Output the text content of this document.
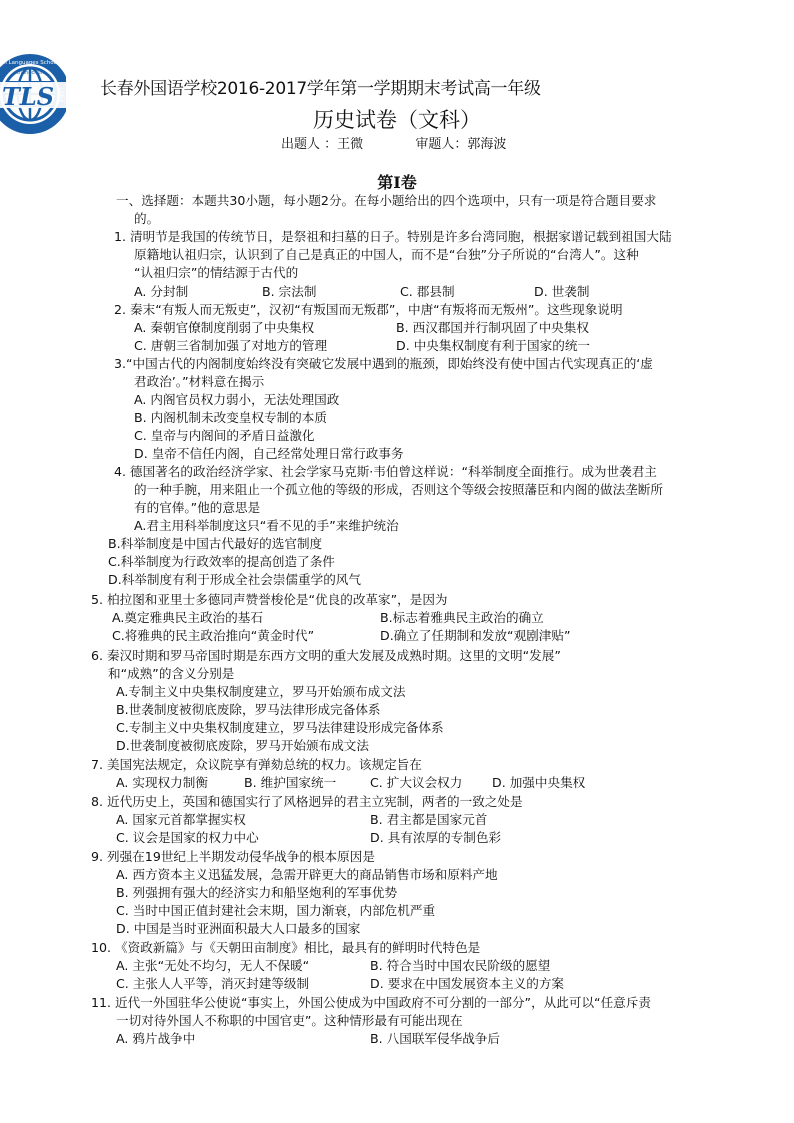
TLS
m Languages School
changchun
1963 长春外国语学校2016-2017学年第一学期期末考试高一年级
历史试卷（文科）
出题人 ：王微	审题人：郭海波
第Ⅰ卷
一、选择题：本题共30小题，每小题2分。在每小题给出的四个选项中，只有一项是符合题目要求
的。
1. 清明节是我国的传统节日，是祭祖和扫墓的日子。特别是许多台湾同胞，根据家谱记载到祖国大陆
原籍地认祖归宗，认识到了自己是真正的中国人，而不是“台独”分子所说的“台湾人”。这种
“认祖归宗”的情结源于古代的
A. 分封制	B. 宗法制	C. 郡县制	D. 世袭制
2. 秦末“有叛人而无叛吏”，汉初“有叛国而无叛郡”，中唐“有叛将而无叛州”。这些现象说明
A. 秦朝官僚制度削弱了中央集权	B. 西汉郡国并行制巩固了中央集权
C. 唐朝三省制加强了对地方的管理	D. 中央集权制度有利于国家的统一
3.“中国古代的内阁制度始终没有突破它发展中遇到的瓶颈，即始终没有使中国古代实现真正的‘虚
君政治’。”材料意在揭示
A. 内阁官员权力弱小，无法处理国政
B. 内阁机制未改变皇权专制的本质
C. 皇帝与内阁间的矛盾日益激化
D. 皇帝不信任内阁，自己经常处理日常行政事务
4. 德国著名的政治经济学家、社会学家马克斯·韦伯曾这样说：“科举制度全面推行。成为世袭君主
的一种手腕，用来阻止一个孤立他的等级的形成，否则这个等级会按照藩臣和内阁的做法垄断所
有的官俸。”他的意思是
A.君主用科举制度这只“看不见的手”来维护统治
B.科举制度是中国古代最好的选官制度
C.科举制度为行政效率的提高创造了条件
D.科举制度有利于形成全社会崇儒重学的风气
5. 柏拉图和亚里士多德同声赞誉梭伦是“优良的改革家”，是因为
A.奠定雅典民主政治的基石	B.标志着雅典民主政治的确立
C.将雅典的民主政治推向“黄金时代”	D.确立了任期制和发放“观剧津贴”
6. 秦汉时期和罗马帝国时期是东西方文明的重大发展及成熟时期。这里的文明“发展”
和“成熟”的含义分别是
A.专制主义中央集权制度建立，罗马开始颁布成文法
B.世袭制度被彻底废除，罗马法律形成完备体系
C.专制主义中央集权制度建立，罗马法律建设形成完备体系
D.世袭制度被彻底废除，罗马开始颁布成文法
7. 美国宪法规定，众议院享有弹劾总统的权力。该规定旨在
A. 实现权力制衡	B. 维护国家统一	C. 扩大议会权力 D. 加强中央集权
8. 近代历史上，英国和德国实行了风格迥异的君主立宪制，两者的一致之处是
A. 国家元首都掌握实权	B. 君主都是国家元首
C. 议会是国家的权力中心	D. 具有浓厚的专制色彩
9. 列强在19世纪上半期发动侵华战争的根本原因是
A. 西方资本主义迅猛发展，急需开辟更大的商品销售市场和原料产地
B. 列强拥有强大的经济实力和船坚炮利的军事优势
C. 当时中国正值封建社会末期，国力渐衰，内部危机严重
D. 中国是当时亚洲面积最大人口最多的国家
10. 《资政新篇》与《天朝田亩制度》相比，最具有的鲜明时代特色是
A. 主张“无处不均匀，无人不保暖“	B. 符合当时中国农民阶级的愿望
C. 主张人人平等，消灭封建等级制	D. 要求在中国发展资本主义的方案
11. 近代一外国驻华公使说“事实上，外国公使成为中国政府不可分割的一部分”，从此可以“任意斥责
一切对待外国人不称职的中国官吏”。这种情形最有可能出现在
A. 鸦片战争中	B. 八国联军侵华战争后
